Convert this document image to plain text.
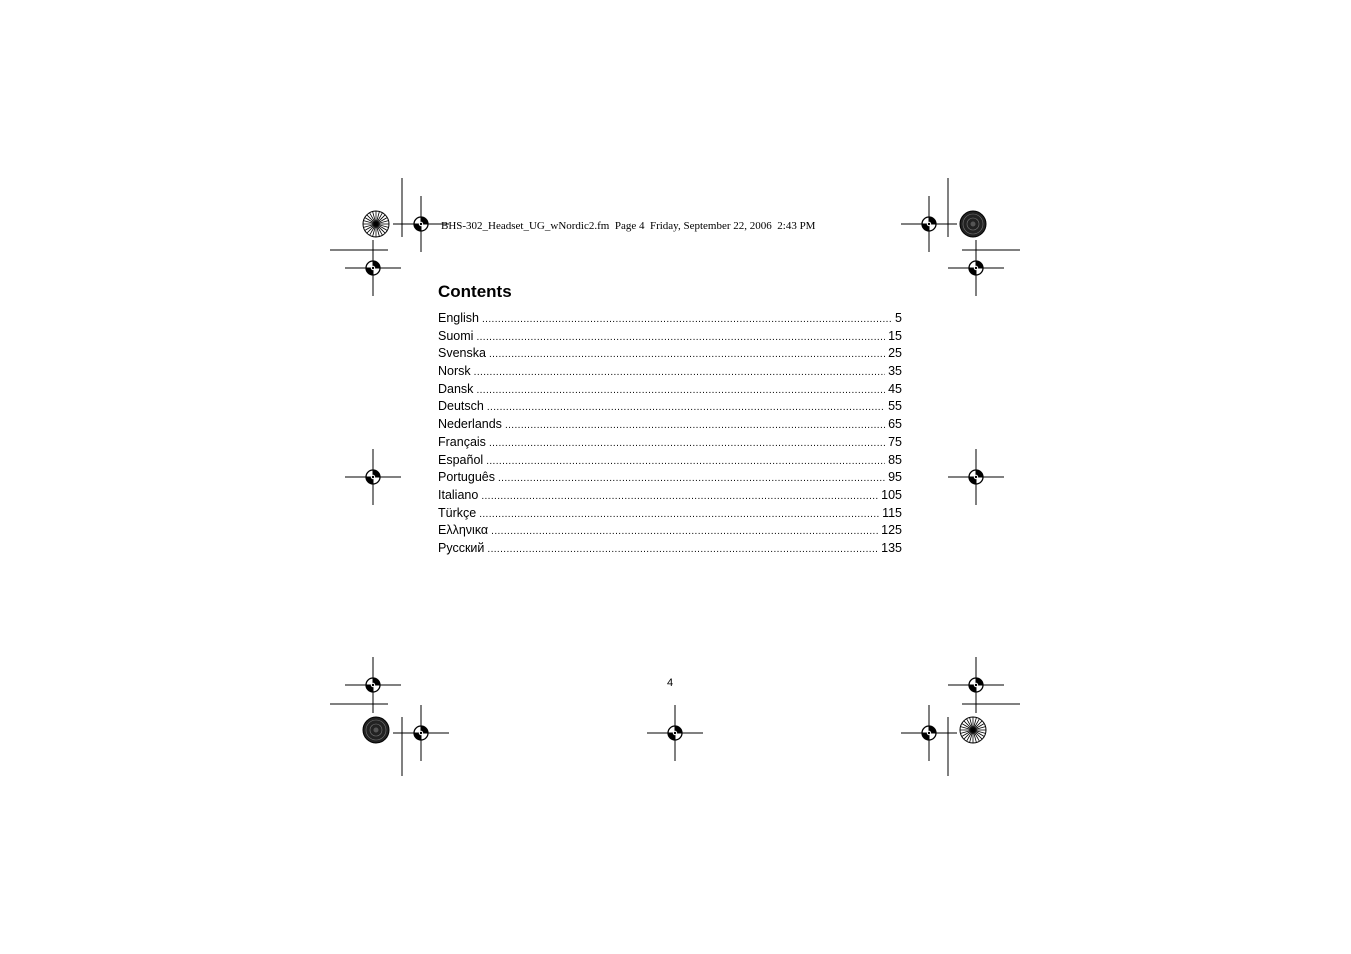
BHS-302_Headset_UG_wNordic2.fm  Page 4  Friday, September 22, 2006  2:43 PM
Contents
English .....	5
Suomi .....	15
Svenska .....	25
Norsk .....	35
Dansk .....	45
Deutsch .....	55
Nederlands .....	65
Français .....	75
Español .....	85
Português .....	95
Italiano .....	105
Türkçe .....	115
Ελληνικα .....	125
Русский .....	135
4
